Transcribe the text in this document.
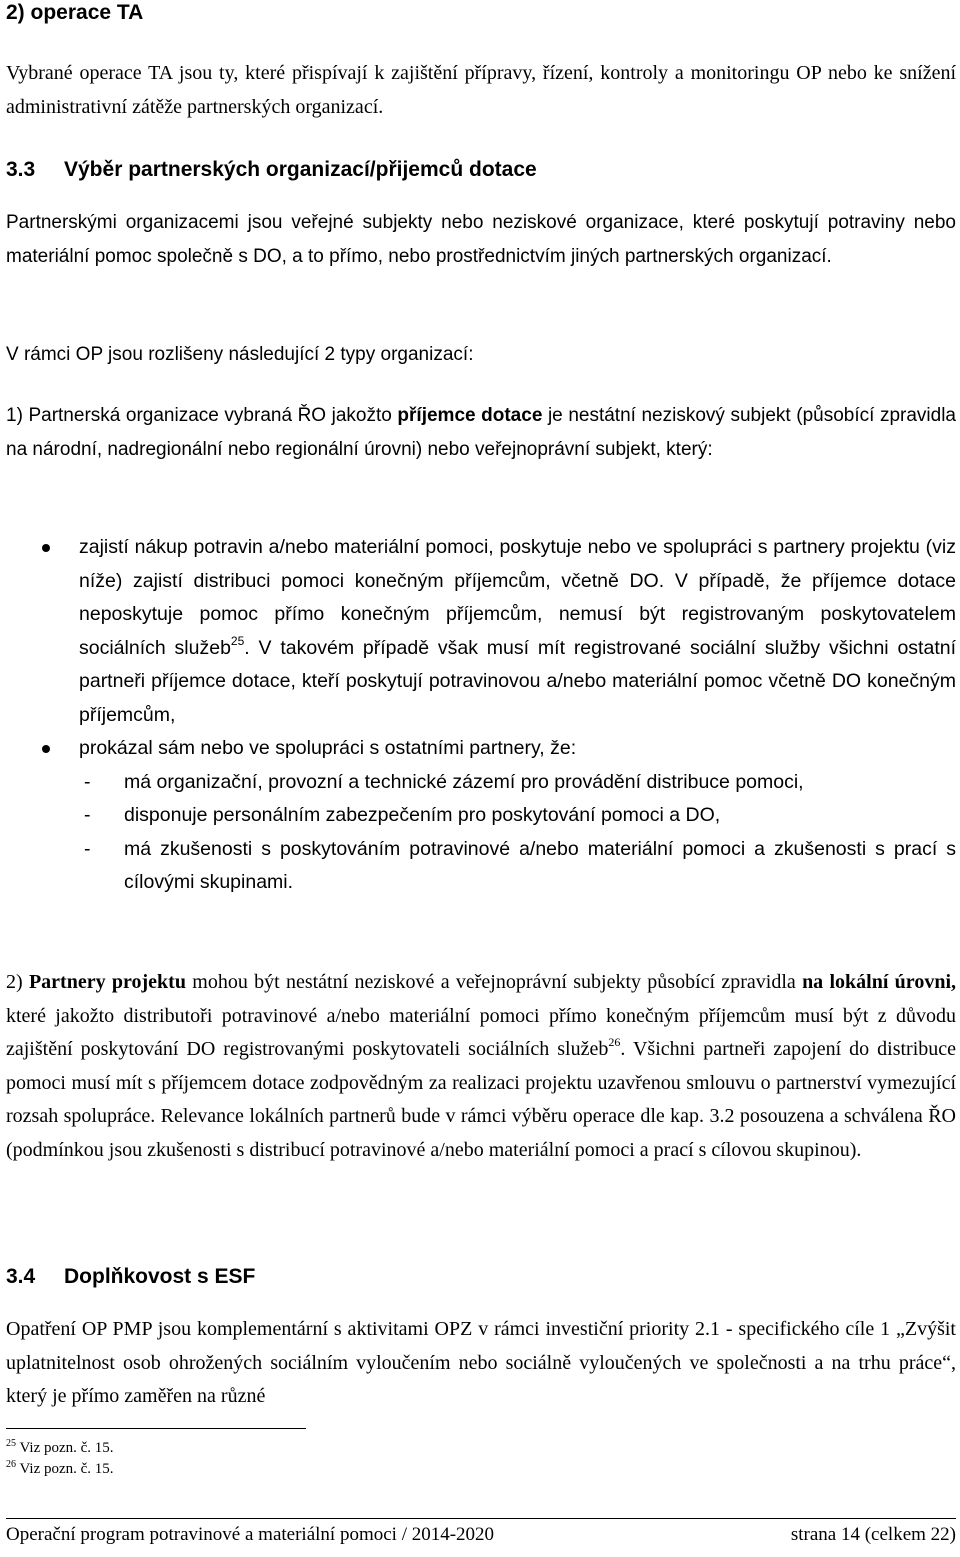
2) operace TA

Vybrané operace TA jsou ty, které přispívají k zajištění přípravy, řízení, kontroly a monitoringu OP nebo ke snížení administrativní zátěže partnerských organizací.

3.3 Výběr partnerských organizací/přijemců dotace

Partnerskými organizacemi jsou veřejné subjekty nebo neziskové organizace, které poskytují potraviny nebo materiální pomoc společně s DO, a to přímo, nebo prostřednictvím jiných partnerských organizací.

V rámci OP jsou rozlišeny následující 2 typy organizací:

1) Partnerská organizace vybraná ŘO jakožto příjemce dotace je nestátní neziskový subjekt (působící zpravidla na národní, nadregionální nebo regionální úrovni) nebo veřejnoprávní subjekt, který:

zajistí nákup potravin a/nebo materiální pomoci, poskytuje nebo ve spolupráci s partnery projektu (viz níže) zajistí distribuci pomoci konečným příjemcům, včetně DO. V případě, že příjemce dotace neposkytuje pomoc přímo konečným příjemcům, nemusí být registrovaným poskytovatelem sociálních služeb$^{25}$. V takovém případě však musí mít registrované sociální služby všichni ostatní partneři příjemce dotace, kteří poskytují potravinovou a/nebo materiální pomoc včetně DO konečným příjemcům,
prokázal sám nebo ve spolupráci s ostatními partnery, že:
- má organizační, provozní a technické zázemí pro provádění distribuce pomoci,
- disponuje personálním zabezpečením pro poskytování pomoci a DO,
- má zkušenosti s poskytováním potravinové a/nebo materiální pomoci a zkušenosti s prací s cílovými skupinami.

2) Partnery projektu mohou být nestátní neziskové a veřejnoprávní subjekty působící zpravidla na lokální úrovni, které jakožto distributoři potravinové a/nebo materiální pomoci přímo konečným příjemcům musí být z důvodu zajištění poskytování DO registrovanými poskytovateli sociálních služeb$^{26}$. Všichni partneři zapojení do distribuce pomoci musí mít s příjemcem dotace zodpovědným za realizaci projektu uzavřenou smlouvu o partnerství vymezující rozsah spolupráce. Relevance lokálních partnerů bude v rámci výběru operace dle kap. 3.2 posouzena a schválena ŘO (podmínkou jsou zkušenosti s distribucí potravinové a/nebo materiální pomoci a prací s cílovou skupinou).

3.4 Doplňkovost s ESF

Opatření OP PMP jsou komplementární s aktivitami OPZ v rámci investiční priority 2.1 - specifického cíle 1 „Zvýšit uplatnitelnost osob ohrožených sociálním vyloučením nebo sociálně vyloučených ve společnosti a na trhu práce“, který je přímo zaměřen na různé

$^{25}$ Viz pozn. č. 15.
$^{26}$ Viz pozn. č. 15.
Operační program potravinové a materiální pomoci / 2014-2020	strana 14 (celkem 22)
